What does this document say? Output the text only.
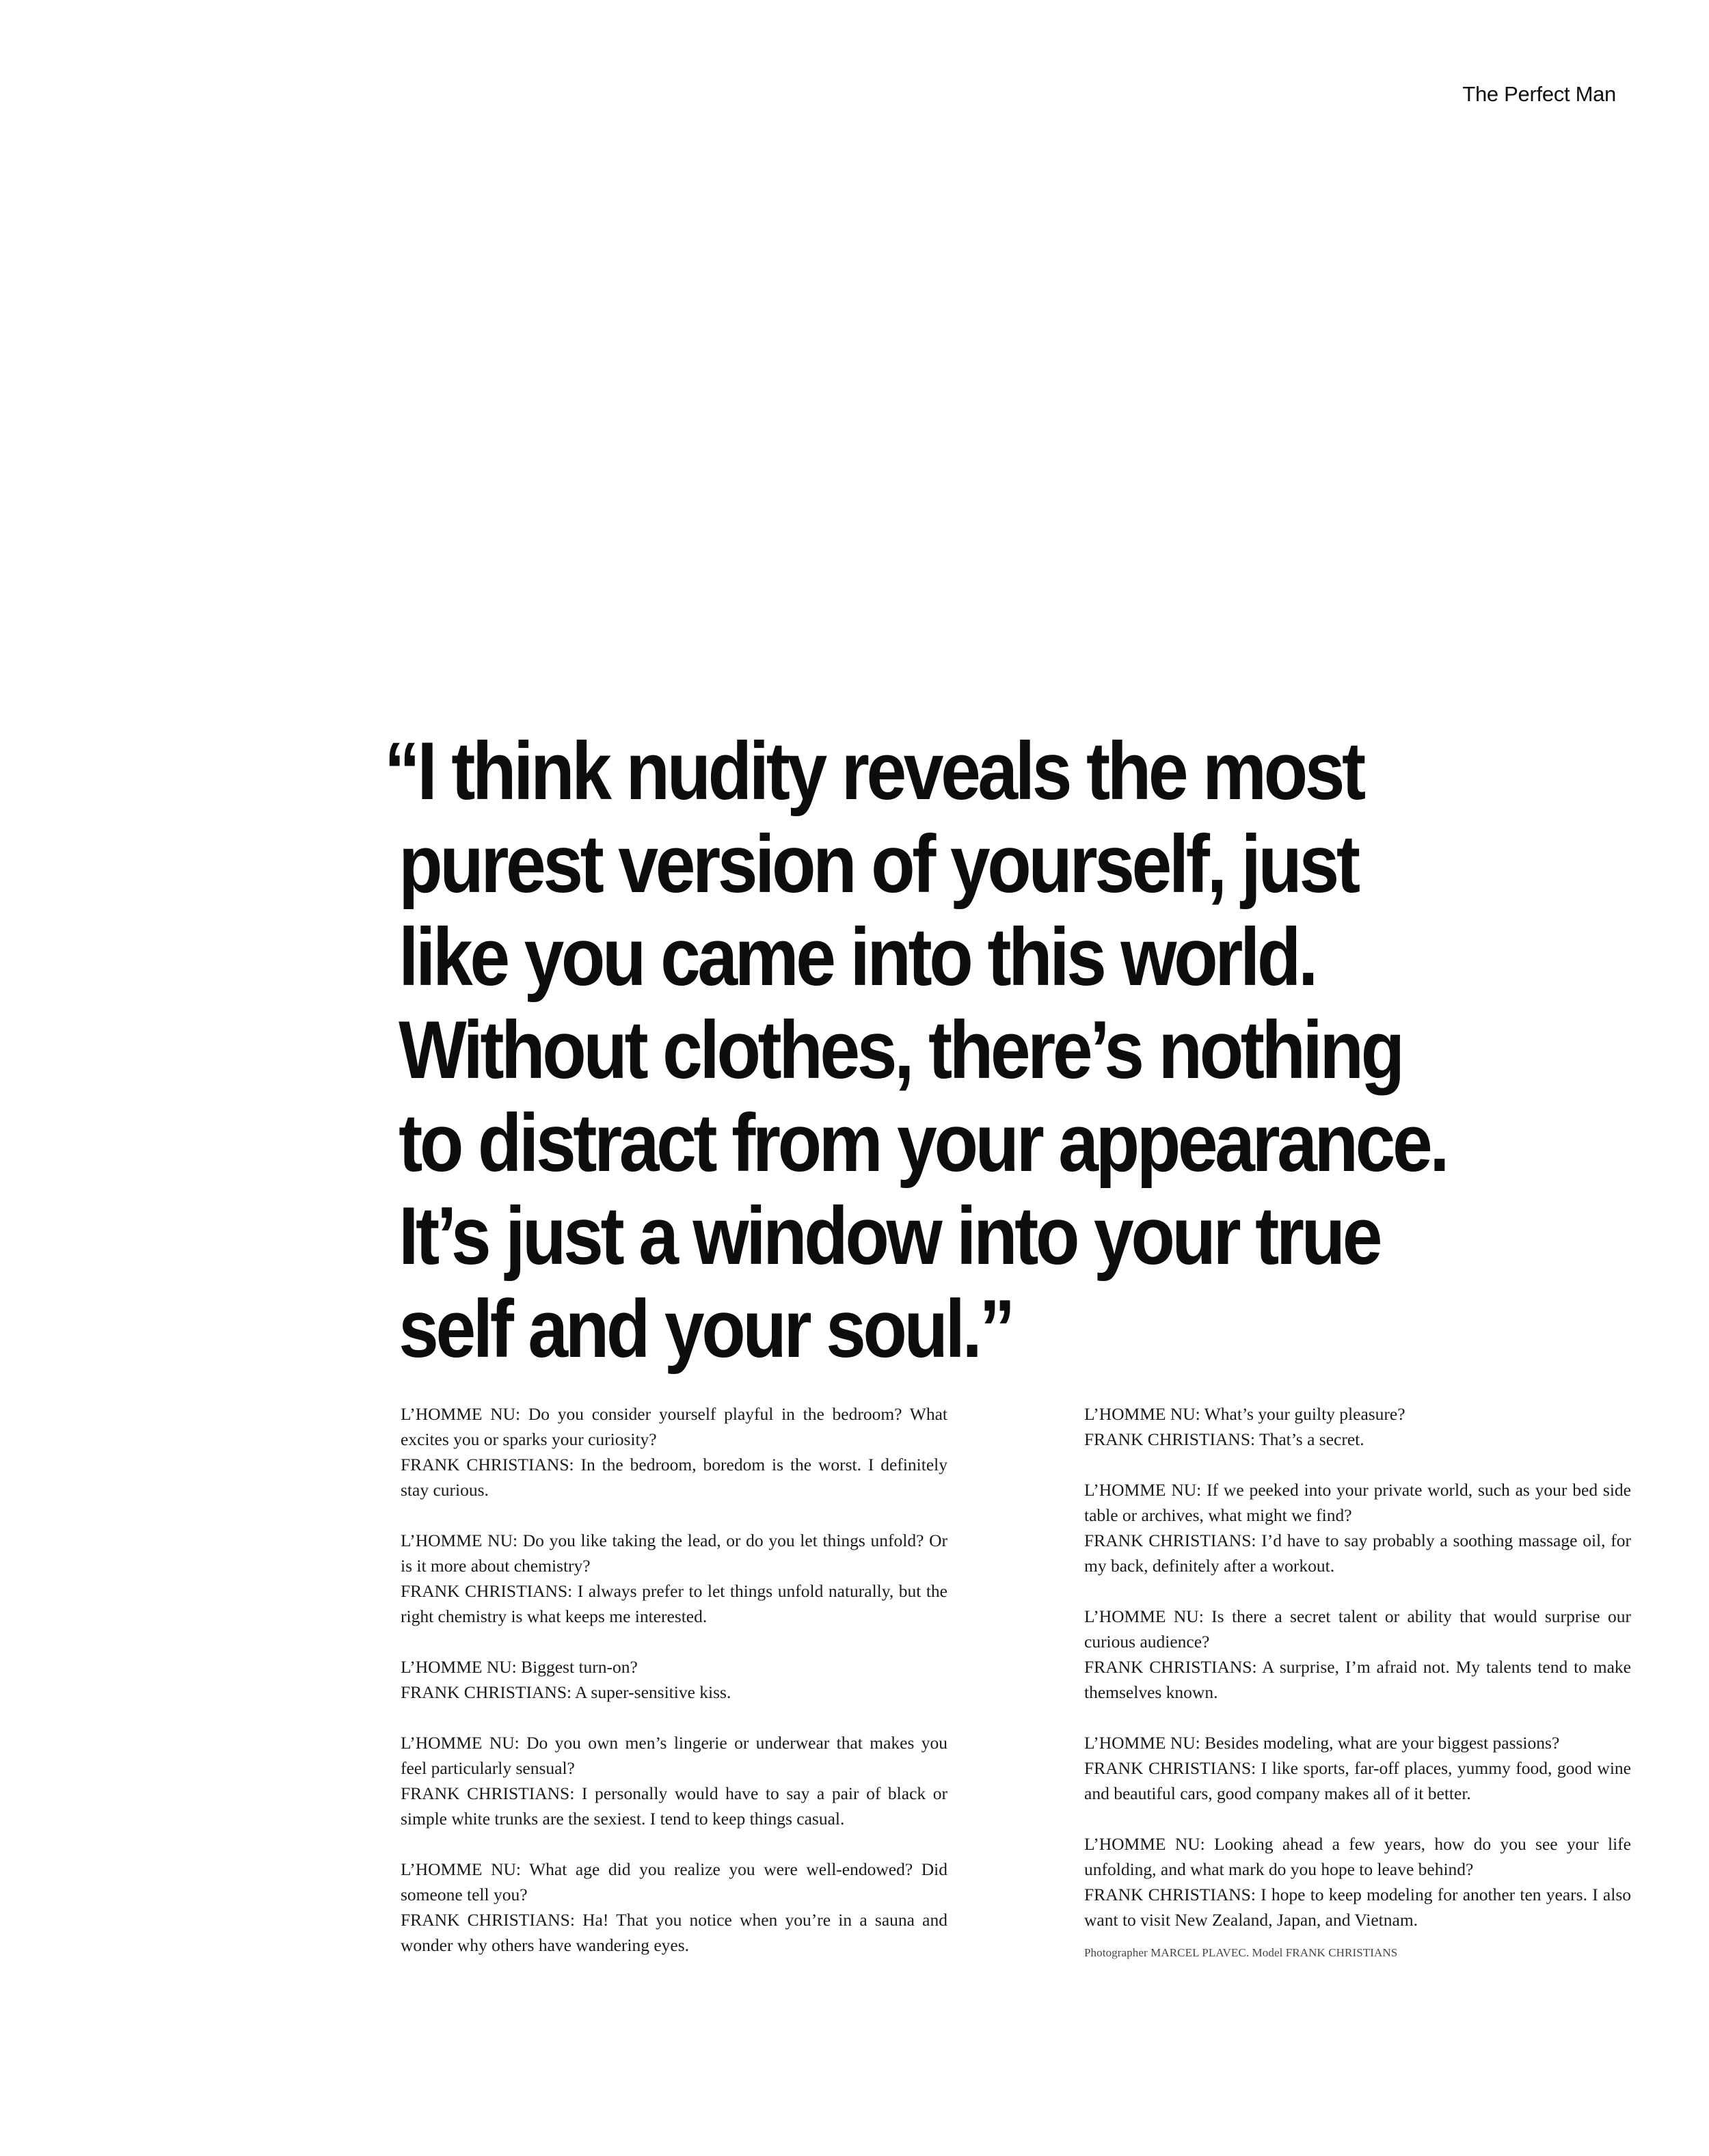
The Perfect Man
“I think nudity reveals the most
purest version of yourself, just
like you came into this world.
Without clothes, there’s nothing
to distract from your appearance.
It’s just a window into your true
self and your soul.”

L’HOMME NU: Do you consider yourself playful in the bedroom? What excites you or sparks your curiosity?

FRANK CHRISTIANS: In the bedroom, boredom is the worst. I definitely stay curious.

L’HOMME NU: Do you like taking the lead, or do you let things unfold? Or is it more about chemistry?

FRANK CHRISTIANS: I always prefer to let things unfold naturally, but the right chemistry is what keeps me interested.

L’HOMME NU: Biggest turn-on?

FRANK CHRISTIANS: A super-sensitive kiss.

L’HOMME NU: Do you own men’s lingerie or underwear that makes you feel particularly sensual?

FRANK CHRISTIANS: I personally would have to say a pair of black or simple white trunks are the sexiest. I tend to keep things casual.

L’HOMME NU: What age did you realize you were well-endowed? Did someone tell you?

FRANK CHRISTIANS: Ha! That you notice when you’re in a sauna and wonder why others have wandering eyes.

L’HOMME NU: What’s your guilty pleasure?

FRANK CHRISTIANS: That’s a secret.

L’HOMME NU: If we peeked into your private world, such as your bed side table or archives, what might we find?

FRANK CHRISTIANS: I’d have to say probably a soothing massage oil, for my back, definitely after a workout.

L’HOMME NU: Is there a secret talent or ability that would surprise our curious audience?

FRANK CHRISTIANS: A surprise, I’m afraid not. My talents tend to make themselves known.

L’HOMME NU: Besides modeling, what are your biggest passions?

FRANK CHRISTIANS: I like sports, far-off places, yummy food, good wine and beautiful cars, good company makes all of it better.

L’HOMME NU: Looking ahead a few years, how do you see your life unfolding, and what mark do you hope to leave behind?

FRANK CHRISTIANS: I hope to keep modeling for another ten years. I also want to visit New Zealand, Japan, and Vietnam.

Photographer MARCEL PLAVEC. Model FRANK CHRISTIANS
